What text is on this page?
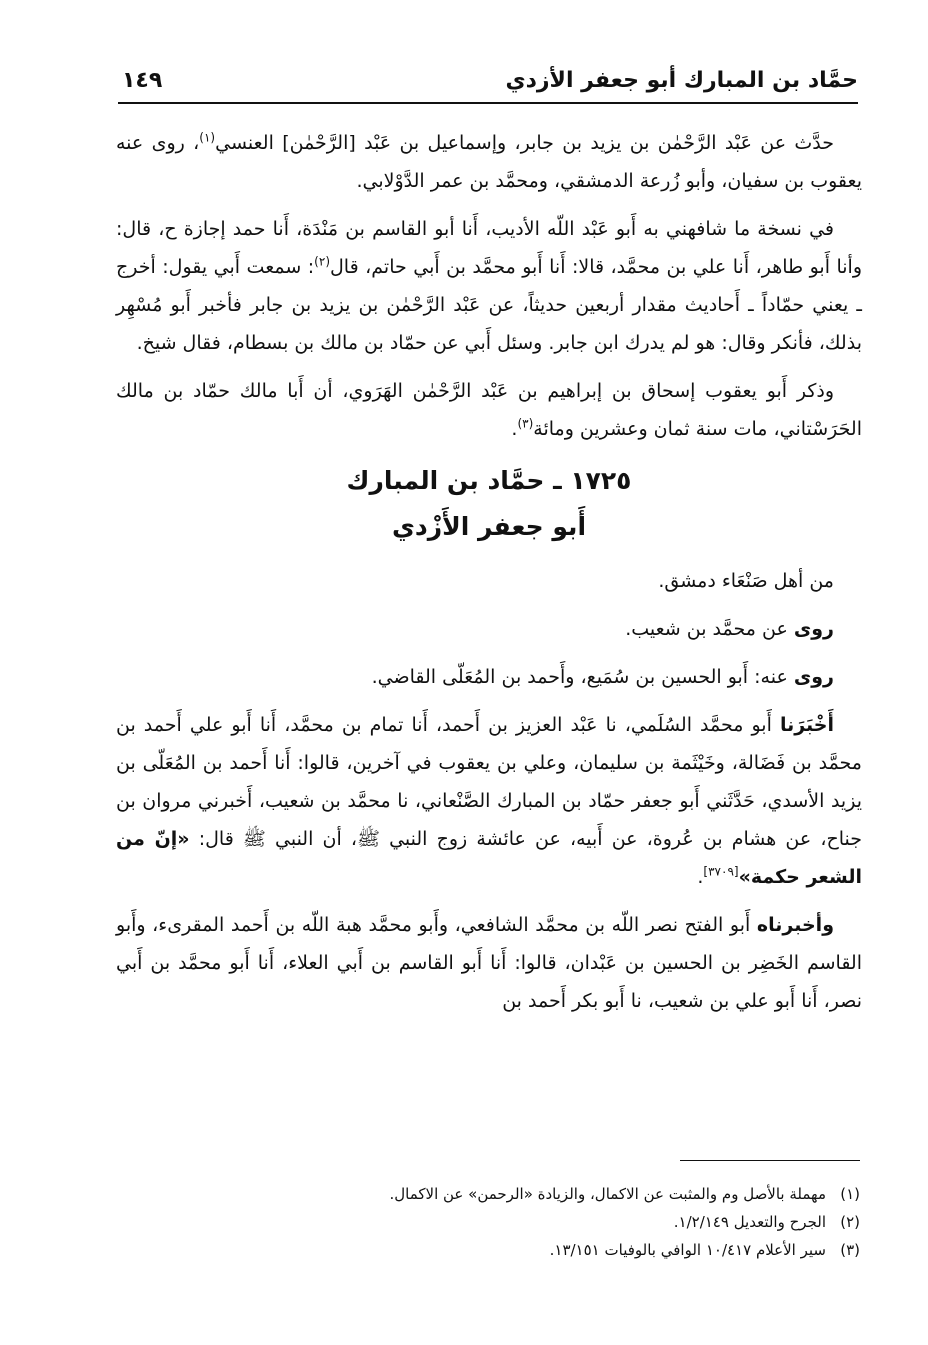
حمَّاد بن المبارك أبو جعفر الأزدي
١٤٩

حدَّث عن عَبْد الرَّحْمٰن بن يزيد بن جابر، وإسماعيل بن عَبْد [الرَّحْمٰن] العنسي$^{(١)}$، روى عنه يعقوب بن سفيان، وأبو زُرعة الدمشقي، ومحمَّد بن عمر الدَّوْلابي.

في نسخة ما شافهني به أَبو عَبْد اللّه الأديب، أَنا أبو القاسم بن مَنْدَة، أَنا حمد إجازة ح، قال: وأنا أَبو طاهر، أَنا علي بن محمَّد، قالا: أَنا أَبو محمَّد بن أَبي حاتم، قال$^{(٢)}$: سمعت أَبي يقول: أخرج ـ يعني حمّاداً ـ أَحاديث مقدار أربعين حديثاً، عن عَبْد الرَّحْمٰن بن يزيد بن جابر فأخبر أَبو مُسْهِر بذلك، فأنكر وقال: هو لم يدرك ابن جابر. وسئل أَبي عن حمّاد بن مالك بن بسطام، فقال شيخ.

وذكر أَبو يعقوب إسحاق بن إبراهيم بن عَبْد الرَّحْمٰن الهَرَوي، أن أَبا مالك حمّاد بن مالك الحَرَسْتاني، مات سنة ثمان وعشرين ومائة$^{(٣)}$.

١٧٢٥ ـ حمَّاد بن المبارك
أَبو جعفر الأَزْدي

من أهل صَنْعَاء دمشق.

روى عن محمَّد بن شعيب.

روى عنه: أَبو الحسين بن سُمَيع، وأَحمد بن المُعَلّى القاضي.

أَخْبَرَنا أَبو محمَّد السُلَمي، نا عَبْد العزيز بن أَحمد، أَنا تمام بن محمَّد، أَنا أَبو علي أَحمد بن محمَّد بن فَضَالة، وخَيْثَمة بن سليمان، وعلي بن يعقوب في آخرين، قالوا: أَنا أَحمد بن المُعَلّى بن يزيد الأسدي، حَدَّثَني أَبو جعفر حمّاد بن المبارك الصَّنْعاني، نا محمَّد بن شعيب، أَخبرني مروان بن جناح، عن هشام بن عُروة، عن أَبيه، عن عائشة زوج النبي ﷺ، أن النبي ﷺ قال: «إنّ من الشعر حكمة»[٣٧٠٩].

وأخبرناه أَبو الفتح نصر اللّه بن محمَّد الشافعي، وأَبو محمَّد هبة اللّه بن أَحمد المقرىء، وأَبو القاسم الخَضِر بن الحسين بن عَبْدان، قالوا: أَنا أَبو القاسم بن أَبي العلاء، أَنا أَبو محمَّد بن أَبي نصر، أَنا أَبو علي بن شعيب، نا أَبو بكر أَحمد بن

(١)مهملة بالأصل وم والمثبت عن الاكمال، والزيادة «الرحمن» عن الاكمال.

(٢)الجرح والتعديل ١/٢/١٤٩.

(٣)سير الأعلام ١٠/٤١٧ الوافي بالوفيات ١٣/١٥١.
